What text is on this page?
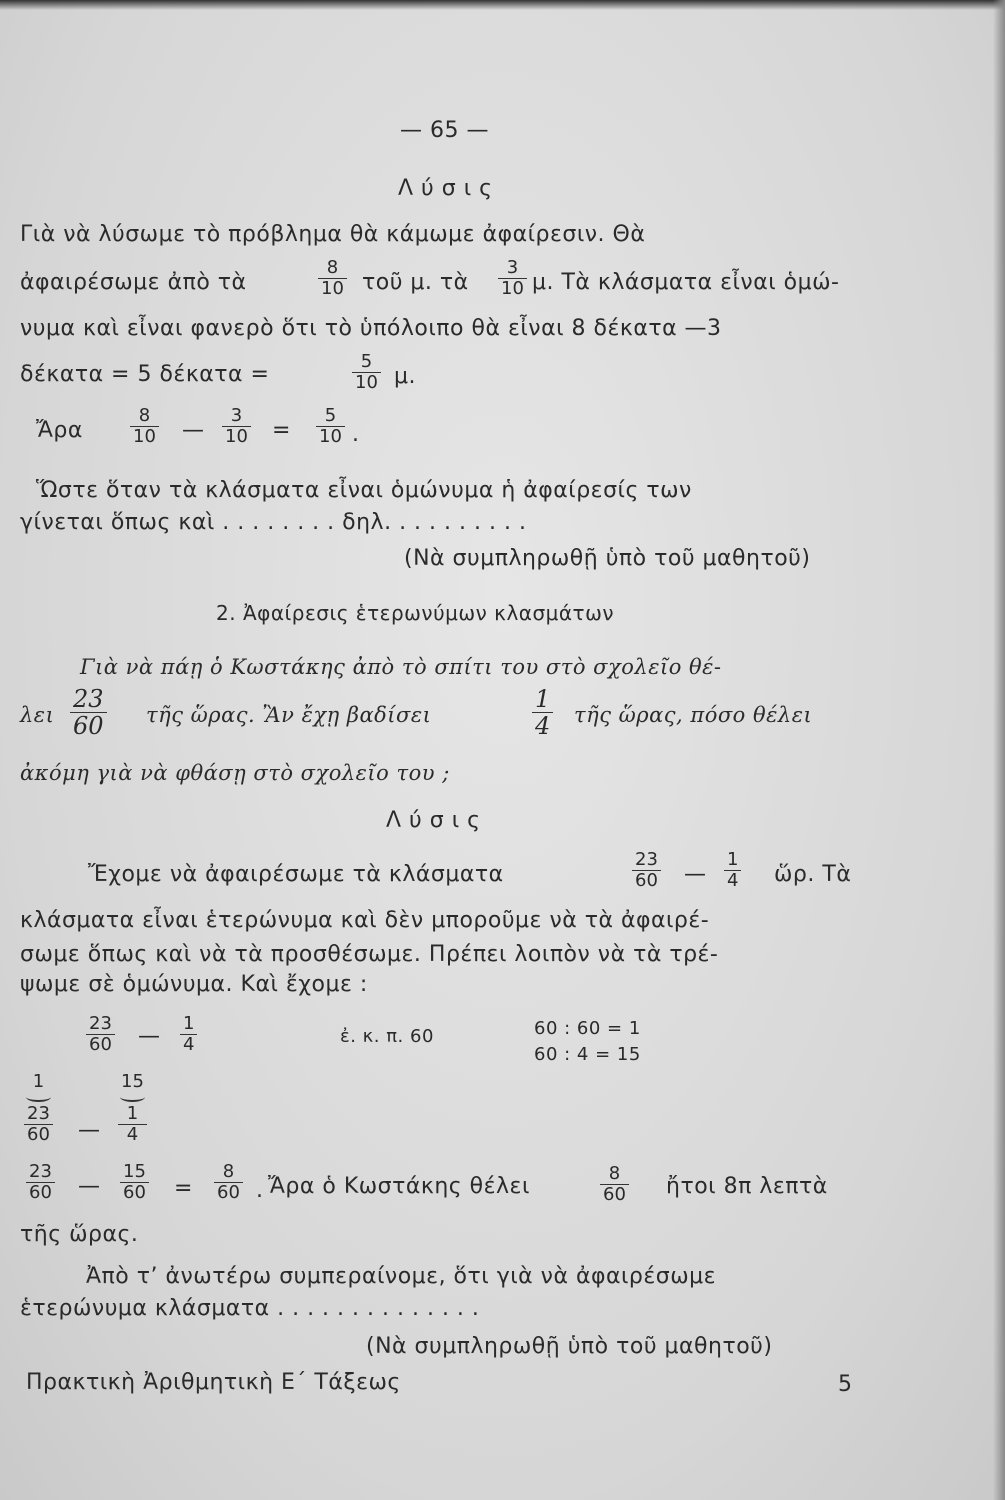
— 65 —
Λ ύ σ ι ς
Γιὰ νὰ λύσωμε τὸ πρόβλημα θὰ κάμωμε ἀφαίρεσιν. Θὰ
ἀφαιρέσωμε ἀπὸ τὰ
8
10 τοῦ μ. τὰ
3
10 μ. Τὰ κλάσματα εἶναι ὁμώ-
νυμα καὶ εἶναι φανερὸ ὅτι τὸ ὑπόλοιπο θὰ εἶναι 8 δέκατα —3
δέκατα = 5 δέκατα =
5
10 μ.
Ἄρα
8
10 —
3
10 =
5
10 .
Ὥστε ὅταν τὰ κλάσματα εἶναι ὁμώνυμα ἡ ἀφαίρεσίς των
γίνεται ὅπως καὶ . . . . . . . . δηλ. . . . . . . . . .
(Νὰ συμπληρωθῇ ὑπὸ τοῦ μαθητοῦ)
2. Ἀφαίρεσις ἑτερωνύμων κλασμάτων
Γιὰ νὰ πάῃ ὁ Κωστάκης ἀπὸ τὸ σπίτι του στὸ σχολεῖο θέ-
λει
23
60 τῆς ὥρας. Ἂν ἔχῃ βαδίσει
1
4 τῆς ὥρας, πόσο θέλει
ἀκόμη γιὰ νὰ φθάσῃ στὸ σχολεῖο του ;
Λ ύ σ ι ς
Ἔχομε νὰ ἀφαιρέσωμε τὰ κλάσματα
23
60 —
1
4 ὥρ. Τὰ
κλάσματα εἶναι ἑτερώνυμα καὶ δὲν μποροῦμε νὰ τὰ ἀφαιρέ-
σωμε ὅπως καὶ νὰ τὰ προσθέσωμε. Πρέπει λοιπὸν νὰ τὰ τρέ-
ψωμε σὲ ὁμώνυμα. Καὶ ἔχομε :
23
60 —
1
4	ἐ. κ. π. 60	60 : 60 = 1
60 : 4 = 15
1
23
60 —
15
1
4
23
60 —
15
60 =
8
60 . Ἄρα ὁ Κωστάκης θέλει
8
60 ἤτοι 8π λεπτὰ
τῆς ὥρας.
Ἀπὸ τ’ ἀνωτέρω συμπεραίνομε, ὅτι γιὰ νὰ ἀφαιρέσωμε
ἑτερώνυμα κλάσματα . . . . . . . . . . . . . .
(Νὰ συμπληρωθῇ ὑπὸ τοῦ μαθητοῦ)
Πρακτικὴ Ἀριθμητικὴ Ε΄ Τάξεως	5
